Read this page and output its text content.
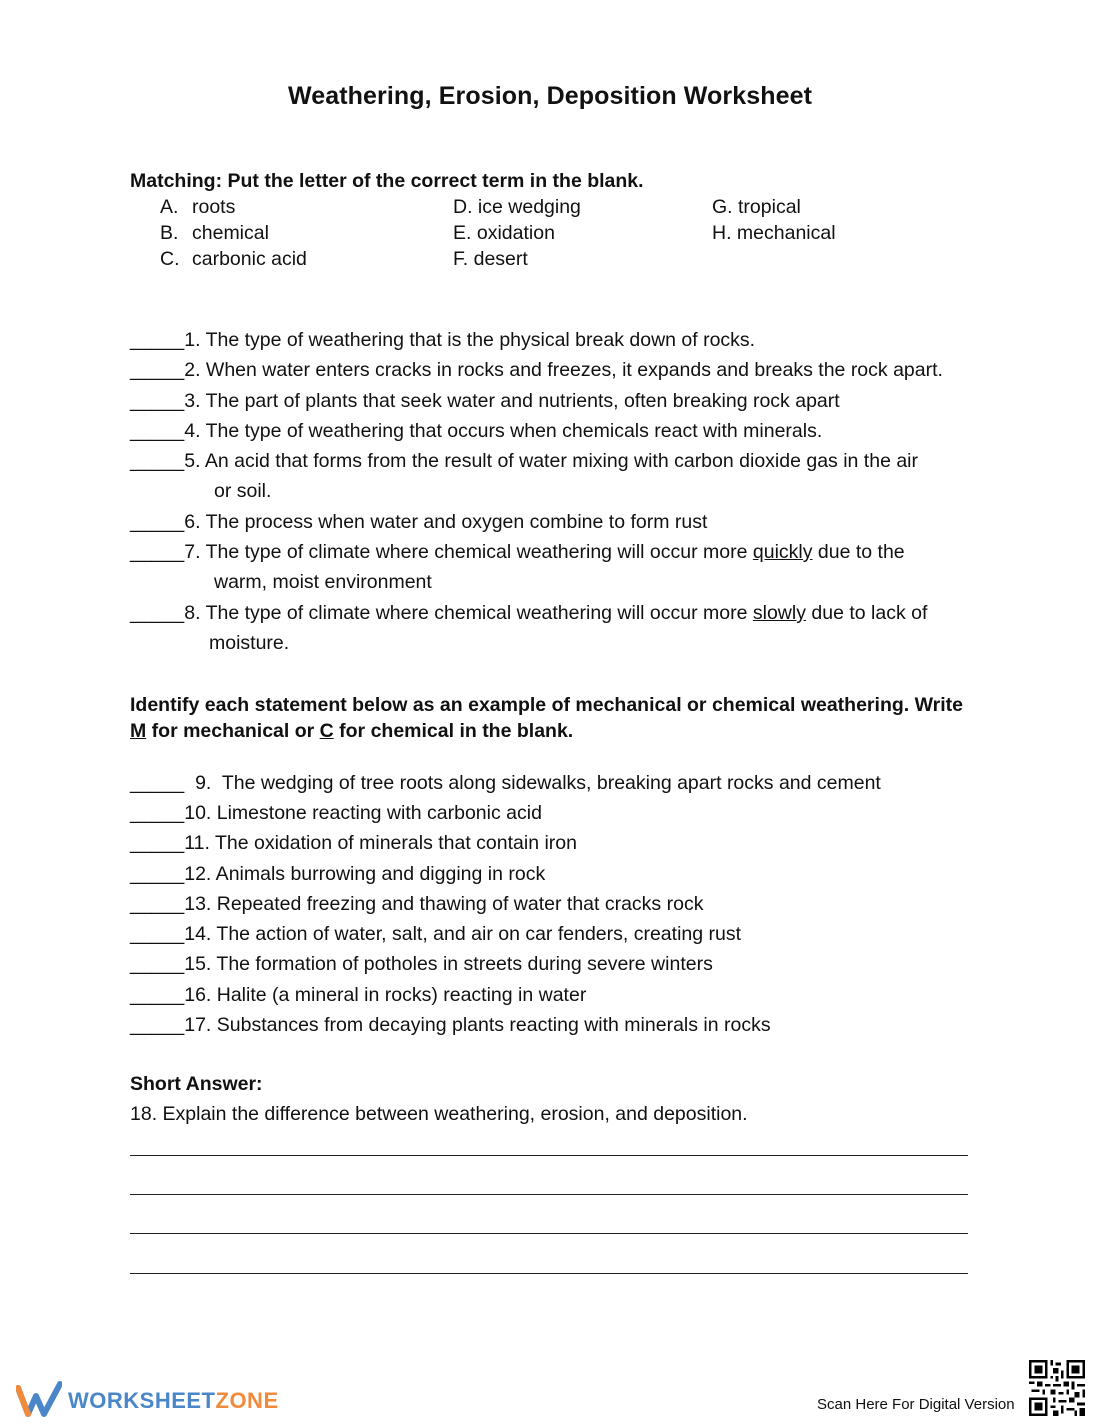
Weathering, Erosion, Deposition Worksheet
Matching: Put the letter of the correct term in the blank.
A. roots
B. chemical
C. carbonic acid
D. ice wedging
E. oxidation
F. desert
G. tropical
H. mechanical
_____1. The type of weathering that is the physical break down of rocks.
_____2. When water enters cracks in rocks and freezes, it expands and breaks the rock apart.
_____3. The part of plants that seek water and nutrients, often breaking rock apart
_____4. The type of weathering that occurs when chemicals react with minerals.
_____5. An acid that forms from the result of water mixing with carbon dioxide gas in the air
or soil.
_____6. The process when water and oxygen combine to form rust
_____7. The type of climate where chemical weathering will occur more quickly due to the
warm, moist environment
_____8. The type of climate where chemical weathering will occur more slowly due to lack of
moisture.
Identify each statement below as an example of mechanical or chemical weathering. Write
M for mechanical or C for chemical in the blank.
_____  9.  The wedging of tree roots along sidewalks, breaking apart rocks and cement
_____10. Limestone reacting with carbonic acid
_____11. The oxidation of minerals that contain iron
_____12. Animals burrowing and digging in rock
_____13. Repeated freezing and thawing of water that cracks rock
_____14. The action of water, salt, and air on car fenders, creating rust
_____15. The formation of potholes in streets during severe winters
_____16. Halite (a mineral in rocks) reacting in water
_____17. Substances from decaying plants reacting with minerals in rocks
Short Answer:
18. Explain the difference between weathering, erosion, and deposition.
WORKSHEETZONE	Scan Here For Digital Version
